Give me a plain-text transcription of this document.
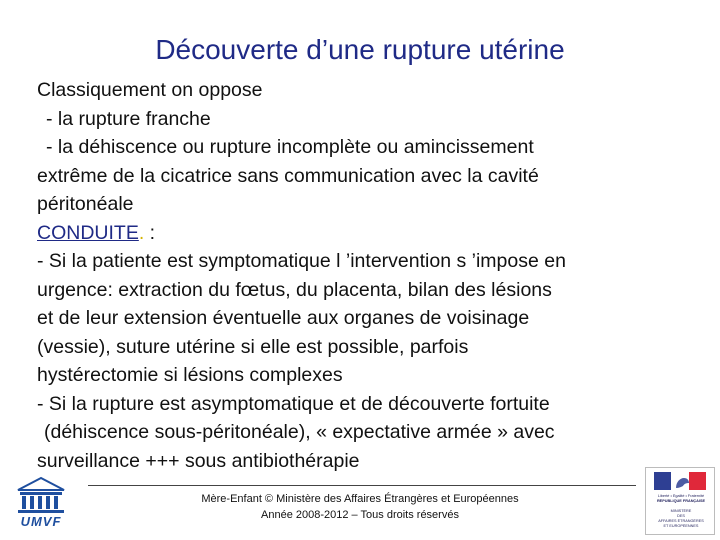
Découverte d’une rupture utérine
Classiquement on oppose
- la rupture franche
- la déhiscence ou rupture incomplète ou amincissement
extrême de la cicatrice sans communication avec la cavité
péritonéale
CONDUITE. :
- Si la patiente est symptomatique l ’intervention s ’impose en
urgence: extraction du fœtus, du placenta, bilan des lésions
et de leur extension éventuelle aux organes de voisinage
(vessie), suture utérine si elle est possible, parfois
hystérectomie si lésions complexes
- Si la rupture est asymptomatique et de découverte fortuite
(déhiscence sous-péritonéale), « expectative armée » avec
surveillance +++ sous antibiothérapie
Mère-Enfant © Ministère des Affaires Étrangères et Européennes
Année 2008-2012 – Tous droits réservés
UMVF
Liberté • Égalité • Fraternité
RÉPUBLIQUE FRANÇAISE
MINISTÈRE
DES
AFFAIRES ÉTRANGÈRES
ET EUROPÉENNES
